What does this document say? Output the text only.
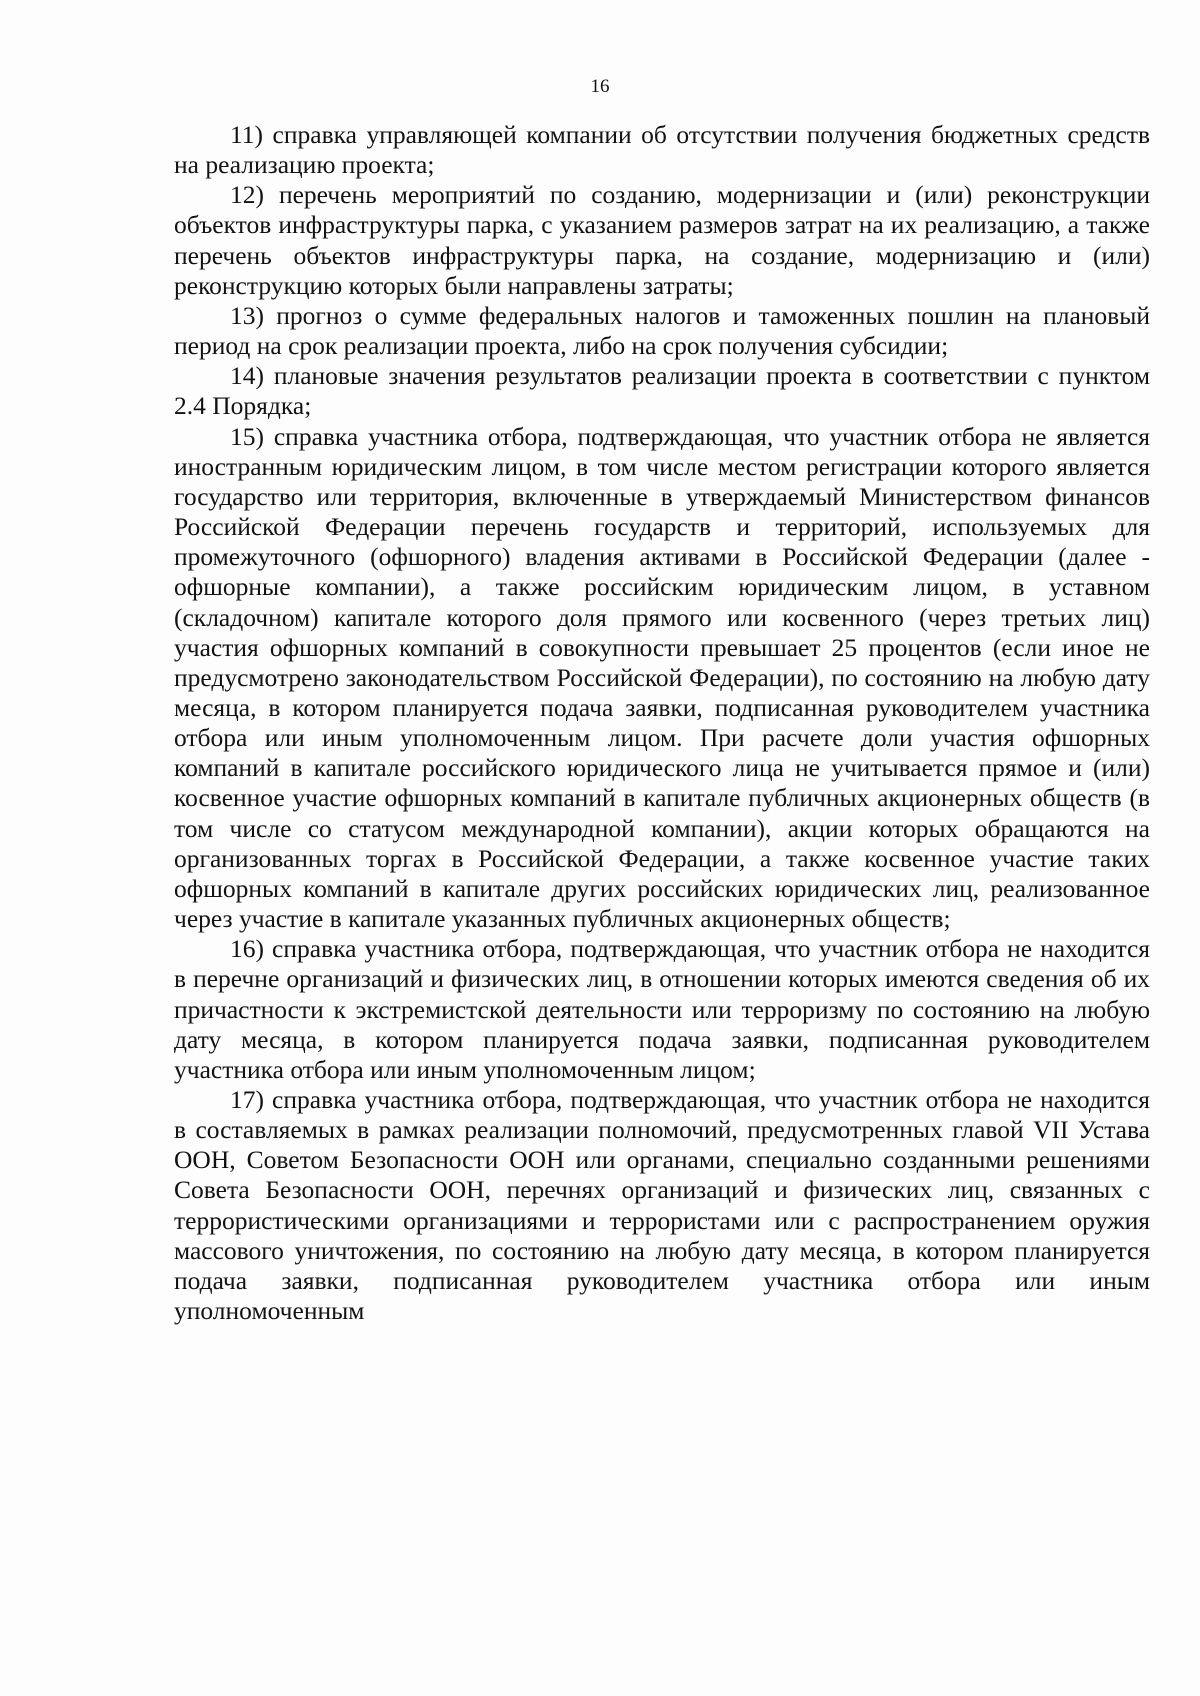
16

11) справка управляющей компании об отсутствии получения бюджетных средств на реализацию проекта;

12) перечень мероприятий по созданию, модернизации и (или) реконструкции объектов инфраструктуры парка, с указанием размеров затрат на их реализацию, а также перечень объектов инфраструктуры парка, на создание, модернизацию и (или) реконструкцию которых были направлены затраты;

13) прогноз о сумме федеральных налогов и таможенных пошлин на плановый период на срок реализации проекта, либо на срок получения субсидии;

14) плановые значения результатов реализации проекта в соответствии с пунктом 2.4 Порядка;

15) справка участника отбора, подтверждающая, что участник отбора не является иностранным юридическим лицом, в том числе местом регистрации которого является государство или территория, включенные в утверждаемый Министерством финансов Российской Федерации перечень государств и территорий, используемых для промежуточного (офшорного) владения активами в Российской Федерации (далее - офшорные компании), а также российским юридическим лицом, в уставном (складочном) капитале которого доля прямого или косвенного (через третьих лиц) участия офшорных компаний в совокупности превышает 25 процентов (если иное не предусмотрено законодательством Российской Федерации), по состоянию на любую дату месяца, в котором планируется подача заявки, подписанная руководителем участника отбора или иным уполномоченным лицом. При расчете доли участия офшорных компаний в капитале российского юридического лица не учитывается прямое и (или) косвенное участие офшорных компаний в капитале публичных акционерных обществ (в том числе со статусом международной компании), акции которых обращаются на организованных торгах в Российской Федерации, а также косвенное участие таких офшорных компаний в капитале других российских юридических лиц, реализованное через участие в капитале указанных публичных акционерных обществ;

16) справка участника отбора, подтверждающая, что участник отбора не находится в перечне организаций и физических лиц, в отношении которых имеются сведения об их причастности к экстремистской деятельности или терроризму по состоянию на любую дату месяца, в котором планируется подача заявки, подписанная руководителем участника отбора или иным уполномоченным лицом;

17) справка участника отбора, подтверждающая, что участник отбора не находится в составляемых в рамках реализации полномочий, предусмотренных главой VII Устава ООН, Советом Безопасности ООН или органами, специально созданными решениями Совета Безопасности ООН, перечнях организаций и физических лиц, связанных с террористическими организациями и террористами или с распространением оружия массового уничтожения, по состоянию на любую дату месяца, в котором планируется подача заявки, подписанная руководителем участника отбора или иным уполномоченным
